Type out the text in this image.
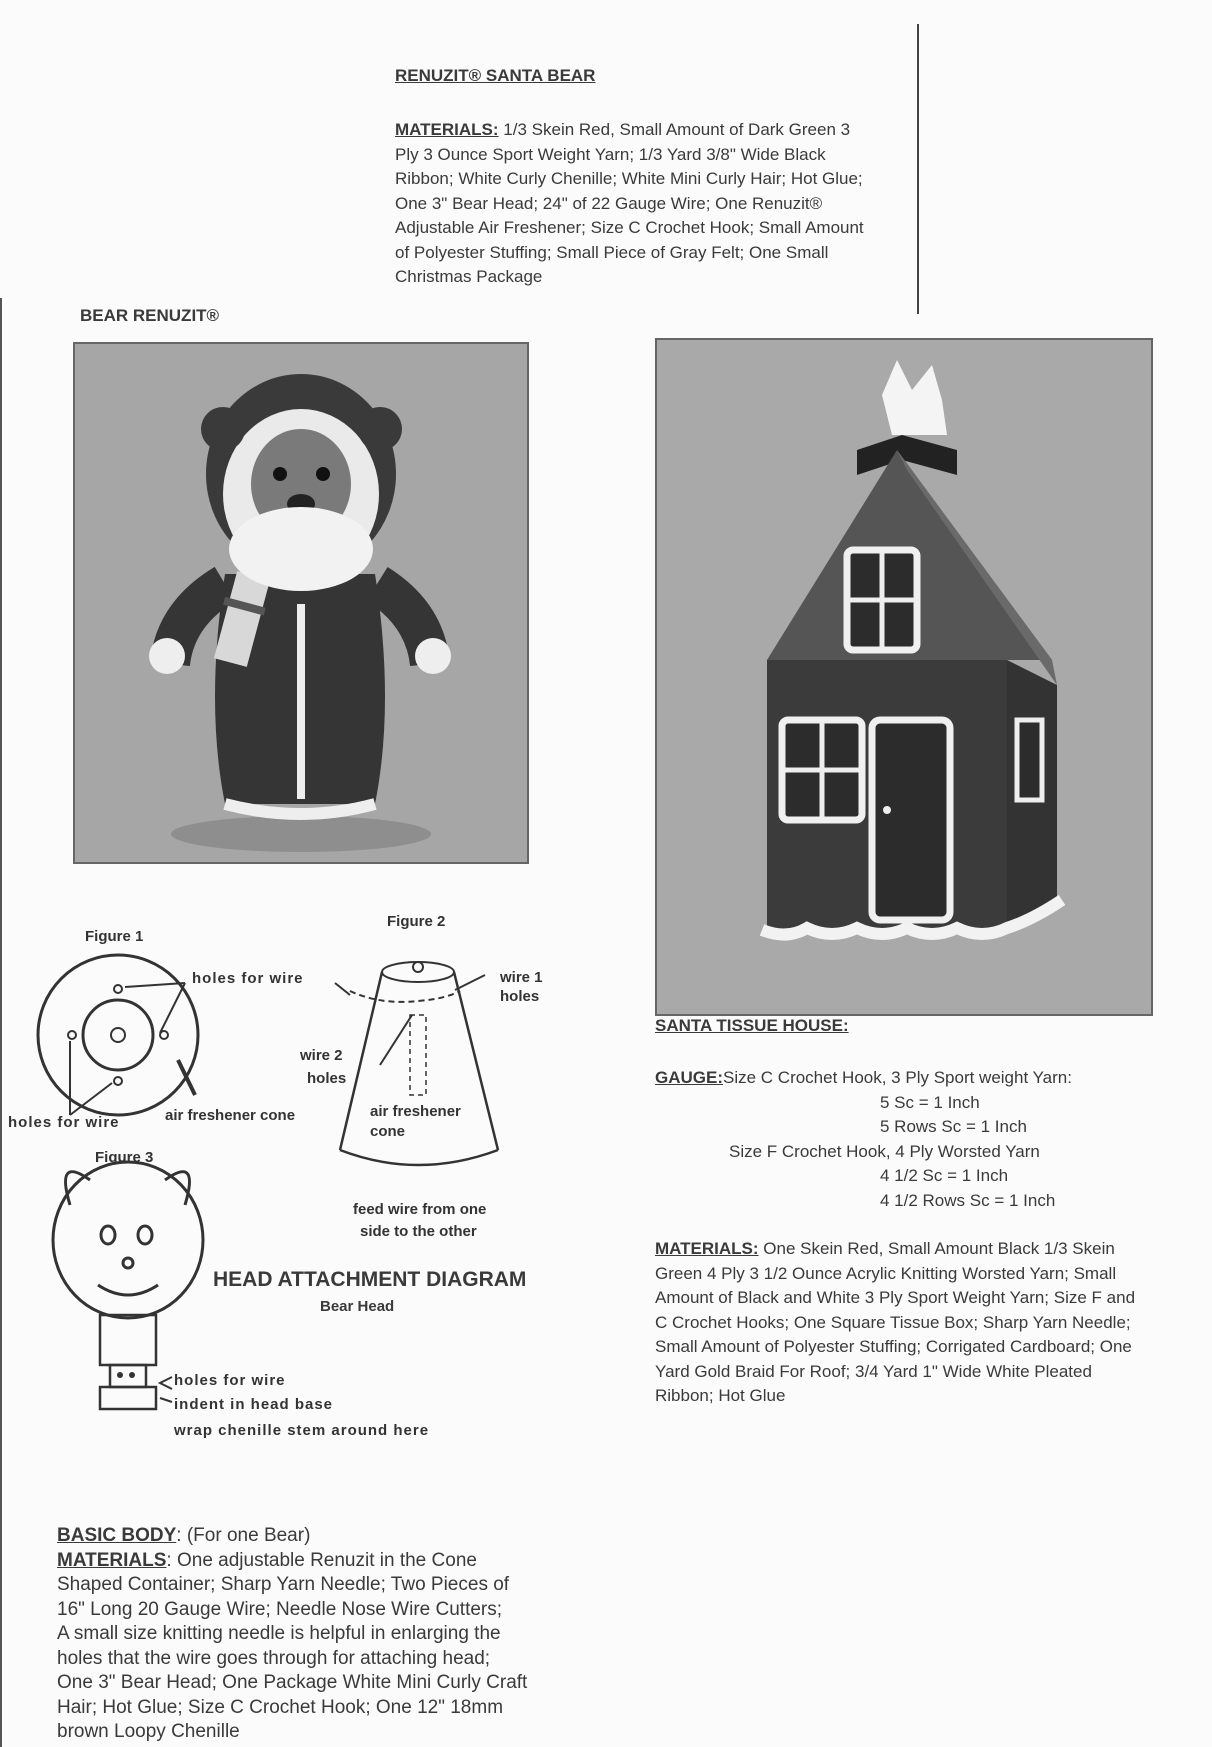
RENUZIT® SANTA BEAR
MATERIALS: 1/3 Skein Red, Small Amount of Dark Green 3
Ply 3 Ounce Sport Weight Yarn; 1/3 Yard 3/8" Wide Black
Ribbon; White Curly Chenille; White Mini Curly Hair; Hot Glue;
One 3" Bear Head; 24" of 22 Gauge Wire; One Renuzit®
Adjustable Air Freshener; Size C Crochet Hook; Small Amount
of Polyester Stuffing; Small Piece of Gray Felt; One Small
Christmas Package
BEAR RENUZIT®
SANTA TISSUE HOUSE:
GAUGE:Size C Crochet Hook, 3 Ply Sport weight Yarn:
5 Sc = 1 Inch
5 Rows Sc = 1 Inch
Size F Crochet Hook, 4 Ply Worsted Yarn
4 1/2 Sc = 1 Inch
4 1/2 Rows Sc = 1 Inch
MATERIALS: One Skein Red, Small Amount Black 1/3 Skein
Green 4 Ply 3 1/2 Ounce Acrylic Knitting Worsted Yarn; Small
Amount of Black and White 3 Ply Sport Weight Yarn; Size F and
C Crochet Hooks; One Square Tissue Box; Sharp Yarn Needle;
Small Amount of Polyester Stuffing; Corrigated Cardboard; One
Yard Gold Braid For Roof; 3/4 Yard 1" Wide White Pleated
Ribbon; Hot Glue
Figure 1
holes for wire
holes for wire	air freshener cone
Figure 2
wire 1
holes
wire 2
holes
air freshener
cone
feed wire from one
side to the other
Figure 3
holes for wire
indent in head base
wrap chenille stem around here
HEAD ATTACHMENT DIAGRAM
Bear Head
BASIC BODY: (For one Bear)
MATERIALS: One adjustable Renuzit in the Cone
Shaped Container; Sharp Yarn Needle; Two Pieces of
16" Long 20 Gauge Wire; Needle Nose Wire Cutters;
A small size knitting needle is helpful in enlarging the
holes that the wire goes through for attaching head;
One 3" Bear Head; One Package White Mini Curly Craft
Hair; Hot Glue; Size C Crochet Hook; One 12" 18mm
brown Loopy Chenille
